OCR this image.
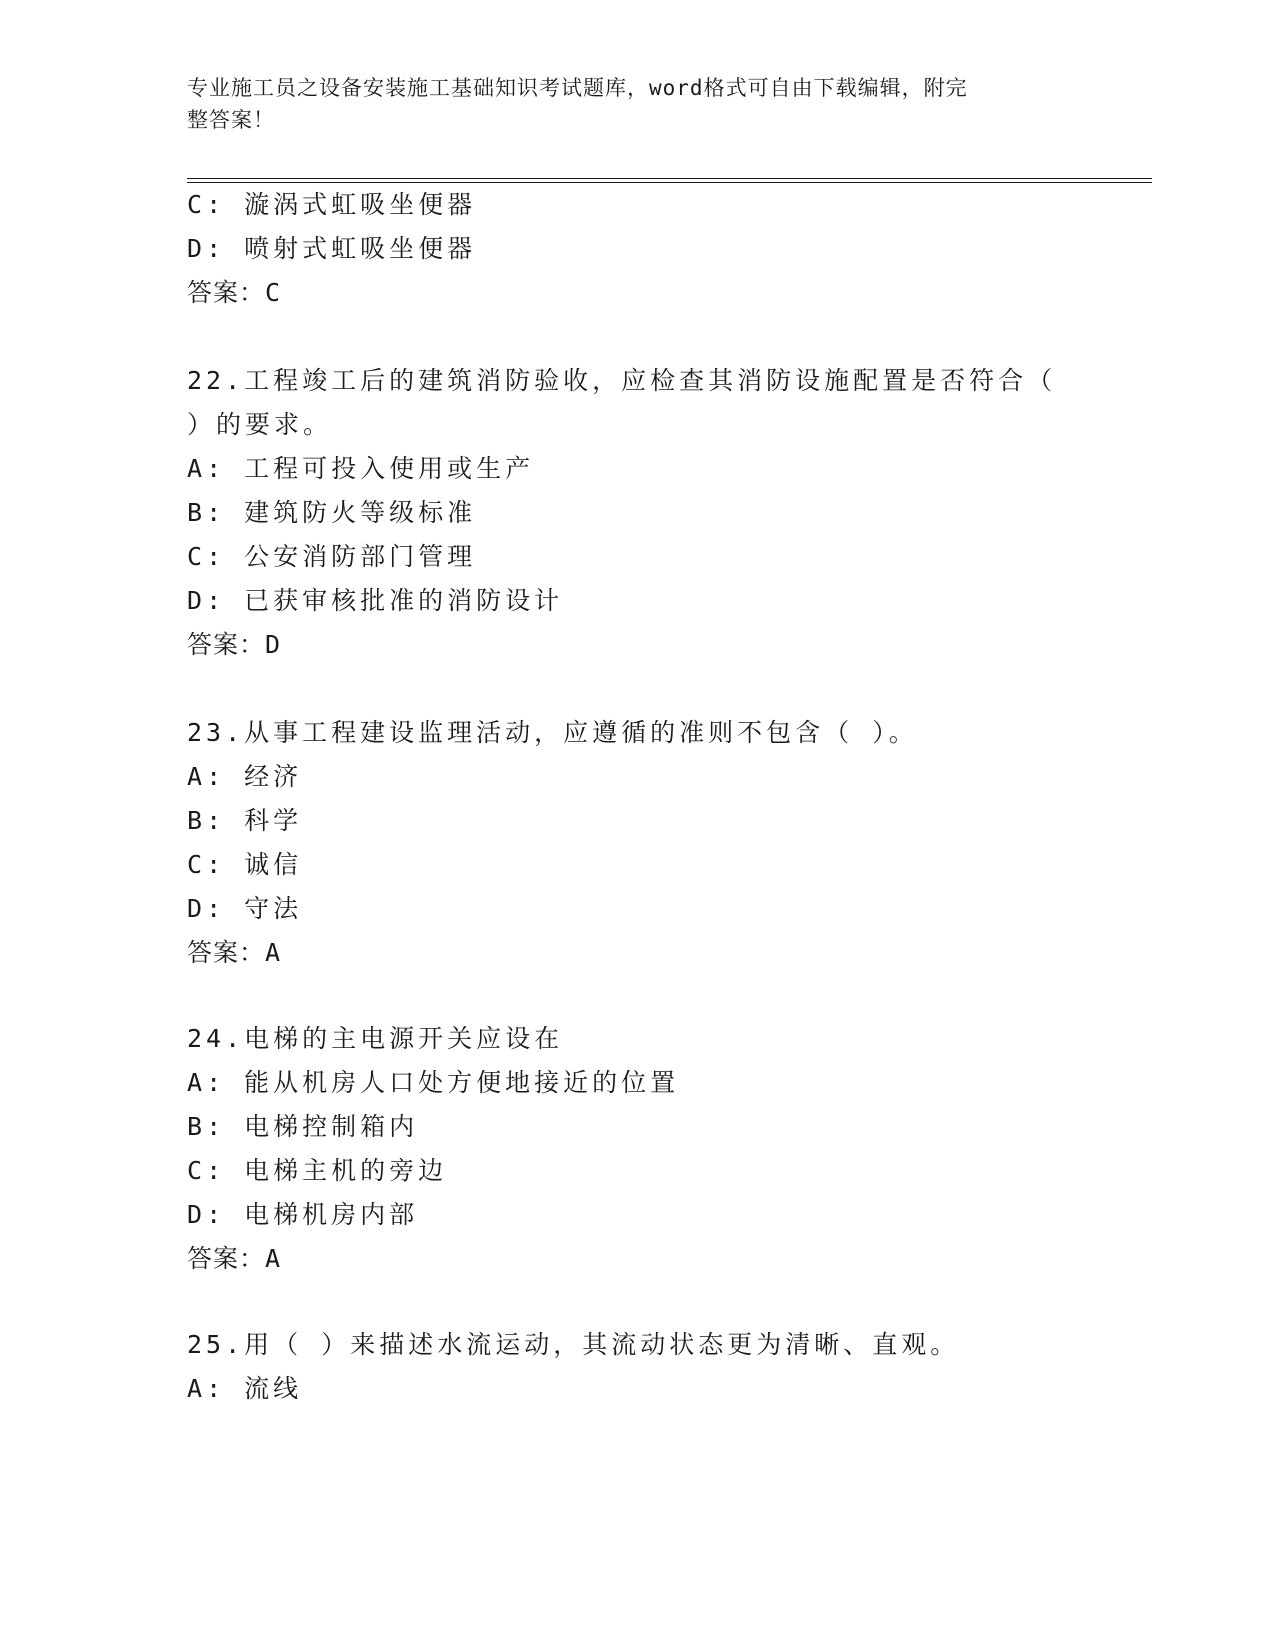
专业施工员之设备安装施工基础知识考试题库，word格式可自由下载编辑，附完
整答案！
C: 漩涡式虹吸坐便器
D: 喷射式虹吸坐便器
答案：C
22.工程竣工后的建筑消防验收，应检查其消防设施配置是否符合（
）的要求。
A: 工程可投入使用或生产
B: 建筑防火等级标准
C: 公安消防部门管理
D: 已获审核批准的消防设计
答案：D
23.从事工程建设监理活动，应遵循的准则不包含（ ）。
A: 经济
B: 科学
C: 诚信
D: 守法
答案：A
24.电梯的主电源开关应设在
A: 能从机房人口处方便地接近的位置
B: 电梯控制箱内
C: 电梯主机的旁边
D: 电梯机房内部
答案：A
25.用（ ）来描述水流运动，其流动状态更为清晰、直观。
A: 流线
